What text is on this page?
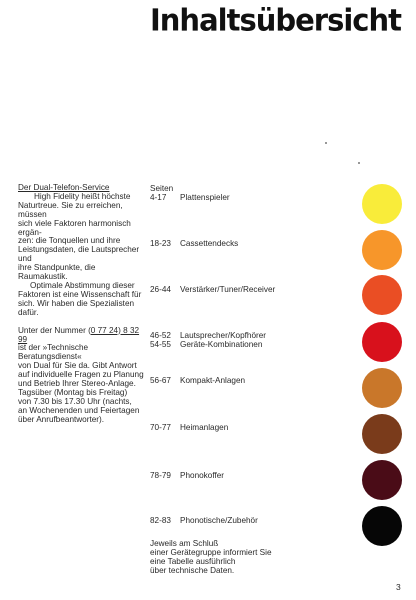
Inhaltsübersicht

Der Dual-Telefon-Service

High Fidelity heißt höchste

Naturtreue. Sie zu erreichen, müssen

sich viele Faktoren harmonisch ergän-

zen: die Tonquellen und ihre

Leistungsdaten, die Lautsprecher und

ihre Standpunkte, die Raumakustik.

Optimale Abstimmung dieser

Faktoren ist eine Wissenschaft für

sich. Wir haben die Spezialisten dafür.

Unter der Nummer (0 77 24) 8 32 99

ist der »Technische Beratungsdienst«

von Dual für Sie da. Gibt Antwort

auf individuelle Fragen zu Planung

und Betrieb Ihrer Stereo-Anlage.

Tagsüber (Montag bis Freitag)

von 7.30 bis 17.30 Uhr (nachts,

an Wochenenden und Feiertagen

über Anrufbeantworter).

Seiten
4-17 Plattenspieler
18-23 Cassettendecks
26-44 Verstärker/Tuner/Receiver
46-52 Lautsprecher/Kopfhörer
54-55 Geräte-Kombinationen
56-67 Kompakt-Anlagen
70-77 Heimanlagen
78-79 Phonokoffer
82-83 Phonotische/Zubehör

Jeweils am Schluß

einer Gerätegruppe informiert Sie

eine Tabelle ausführlich

über technische Daten.

3
